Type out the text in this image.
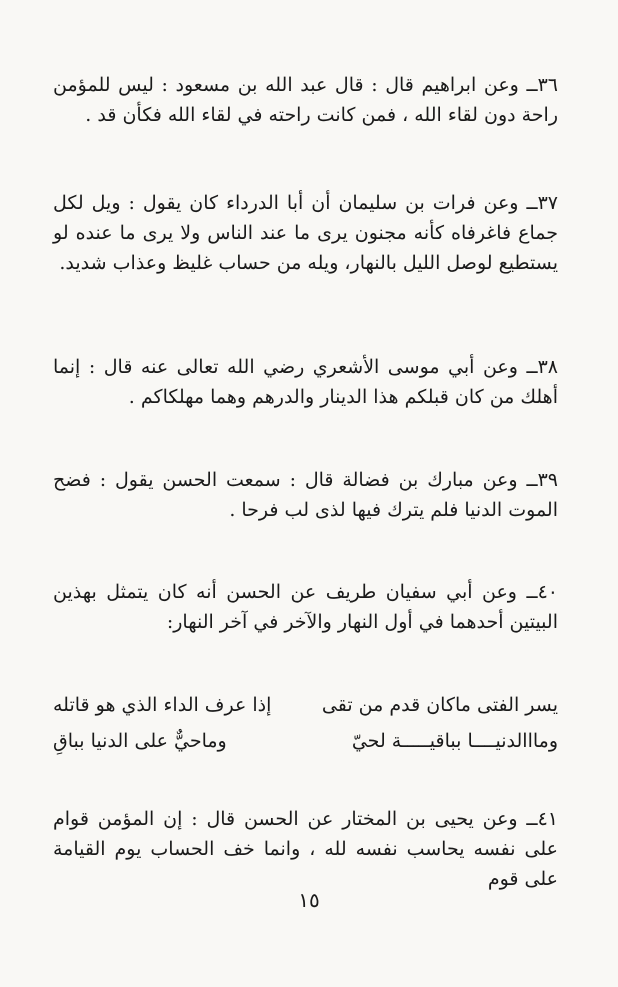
٣٦ــ وعن ابراهيم قال : قال عبد الله بن مسعود : ليس للمؤمن راحة دون لقاء الله ، فمن كانت راحته في لقاء الله فكأن قد .

٣٧ــ وعن فرات بن سليمان أن أبا الدرداء كان يقول : ويل لكل جماع فاغرفاه كأنه مجنون يرى ما عند الناس ولا يرى ما عنده لو يستطيع لوصل الليل بالنهار، ويله من حساب غليظ وعذاب شديد.

٣٨ــ وعن أبي موسى الأشعري رضي الله تعالى عنه قال : إنما أهلك من كان قبلكم هذا الدينار والدرهم وهما مهلكاكم .

٣٩ــ وعن مبارك بن فضالة قال : سمعت الحسن يقول : فضح الموت الدنيا فلم يترك فيها لذى لب فرحا .

٤٠ــ وعن أبي سفيان طريف عن الحسن أنه كان يتمثل بهذين البيتين أحدهما في أول النهار والآخر في آخر النهار:

يسر الفتى ماكان قدم من تقى
إذا عرف الداء الذي هو قاتله
ومااالدنيــــا بباقيـــــة لحيّ
وماحيٌّ على الدنيا بباقِ

٤١ــ وعن يحيى بن المختار عن الحسن قال : إن المؤمن قوام على نفسه يحاسب نفسه لله ، وانما خف الحساب يوم القيامة على قوم

١٥
